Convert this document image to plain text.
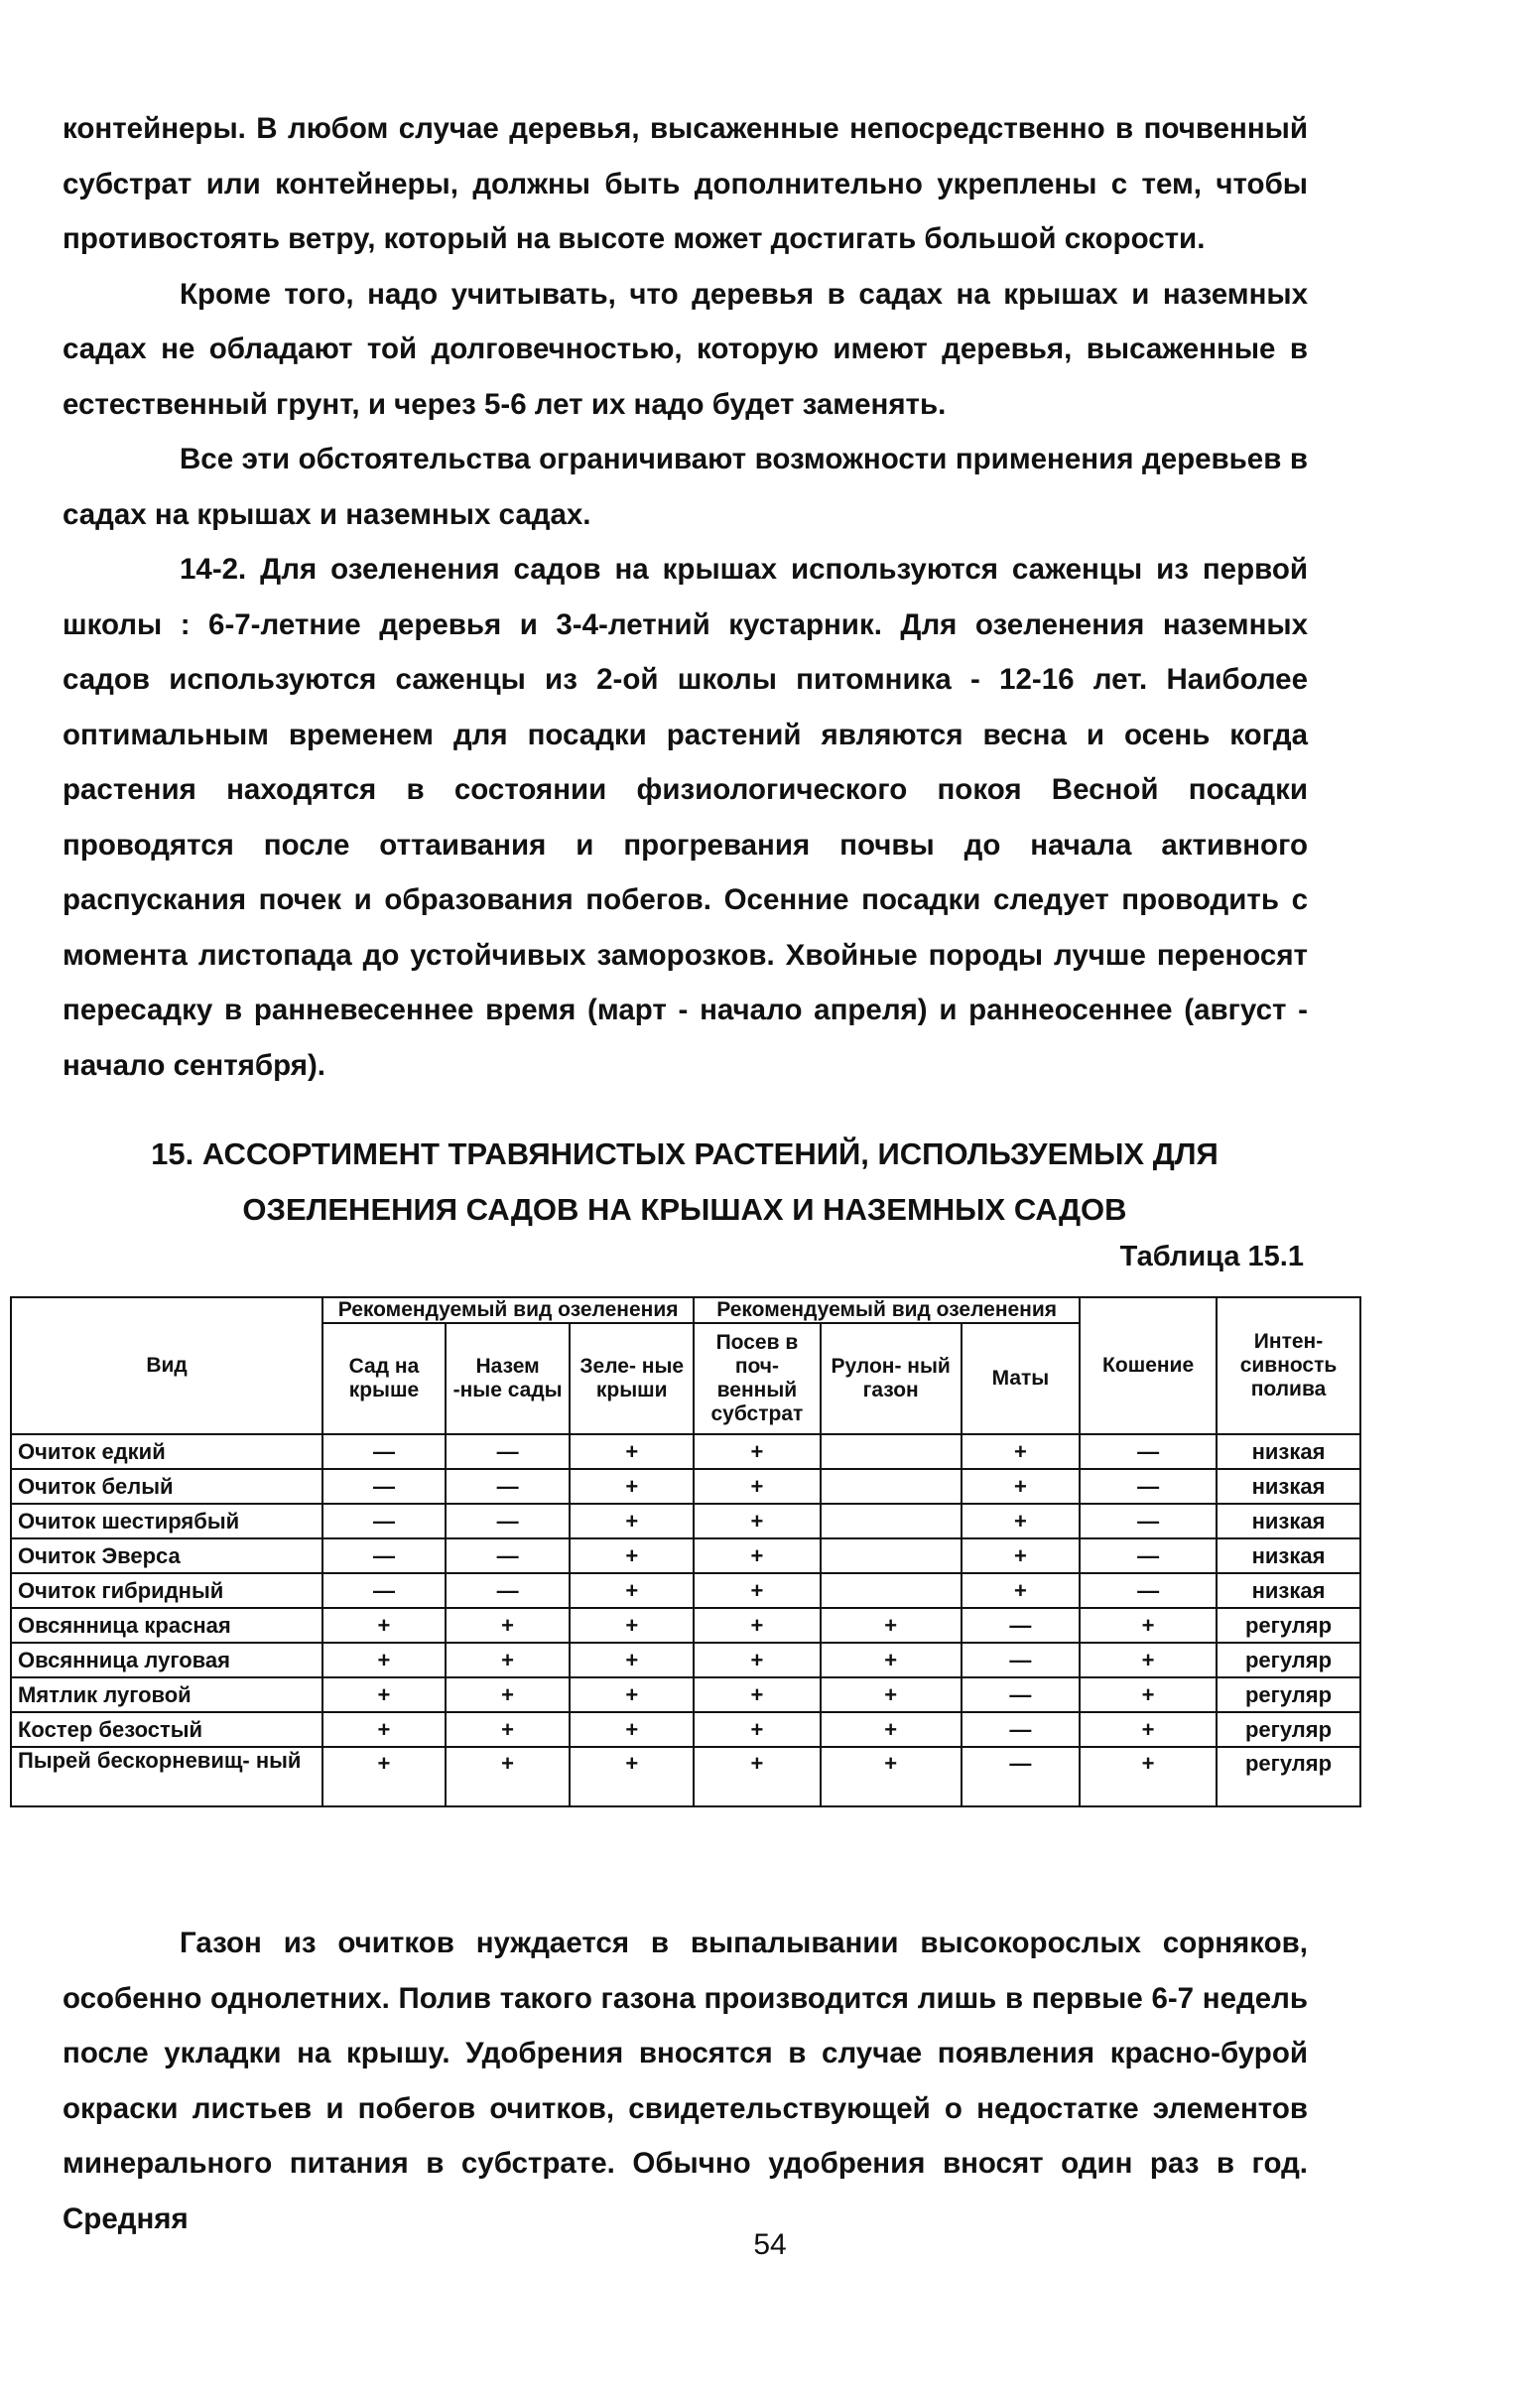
контейнеры. В любом случае деревья, высаженные непосредственно в почвенный субстрат или контейнеры, должны быть дополнительно укреплены с тем, чтобы противостоять ветру, который на высоте может достигать большой скорости.

Кроме того, надо учитывать, что деревья в садах на крышах и наземных садах не обладают той долговечностью, которую имеют деревья, высаженные в естественный грунт, и через 5-6 лет их надо будет заменять.

Все эти обстоятельства ограничивают возможности применения деревьев в садах на крышах и наземных садах.

14-2. Для озеленения садов на крышах используются саженцы из первой школы : 6-7-летние деревья и 3-4-летний кустарник. Для озеленения наземных садов используются саженцы из 2-ой школы питомника - 12-16 лет. Наиболее оптимальным временем для посадки растений являются весна и осень когда растения находятся в состоянии физиологического покоя Весной посадки проводятся после оттаивания и прогревания почвы до начала активного распускания почек и образования побегов. Осенние посадки следует проводить с момента листопада до устойчивых заморозков. Хвойные породы лучше переносят пересадку в ранневесеннее время (март - начало апреля) и раннеосеннее (август - начало сентября).

15. АССОРТИМЕНТ ТРАВЯНИСТЫХ РАСТЕНИЙ, ИСПОЛЬЗУЕМЫХ ДЛЯ ОЗЕЛЕНЕНИЯ САДОВ НА КРЫШАХ И НАЗЕМНЫХ САДОВ
Таблица 15.1
Вид	Рекомендуемый вид озеленения			Рекомендуемый вид озеленения			Кошение	Интен- сивность полива
	Сад на крыше	Назем -ные сады	Зеле- ные крыши	Посев в поч- венный субстрат	Рулон- ный газон	Маты		
Очиток едкий	—	—	+	+		+	—	низкая
Очиток белый	—	—	+	+		+	—	низкая
Очиток шестирябый	—	—	+	+		+	—	низкая
Очиток Эверса	—	—	+	+		+	—	низкая
Очиток гибридный	—	—	+	+		+	—	низкая
Овсянница красная	+	+	+	+	+	—	+	регуляр
Овсянница луговая	+	+	+	+	+	—	+	регуляр
Мятлик луговой	+	+	+	+	+	—	+	регуляр
Костер безостый	+	+	+	+	+	—	+	регуляр
Пырей бескорневищ- ный	+	+	+	+	+	—	+	регуляр

Газон из очитков нуждается в выпалывании высокорослых сорняков, особенно однолетних. Полив такого газона производится лишь в первые 6-7 недель после укладки на крышу. Удобрения вносятся в случае появления красно-бурой окраски листьев и побегов очитков, свидетельствующей о недостатке элементов минерального питания в субстрате. Обычно удобрения вносят один раз в год. Средняя

54
